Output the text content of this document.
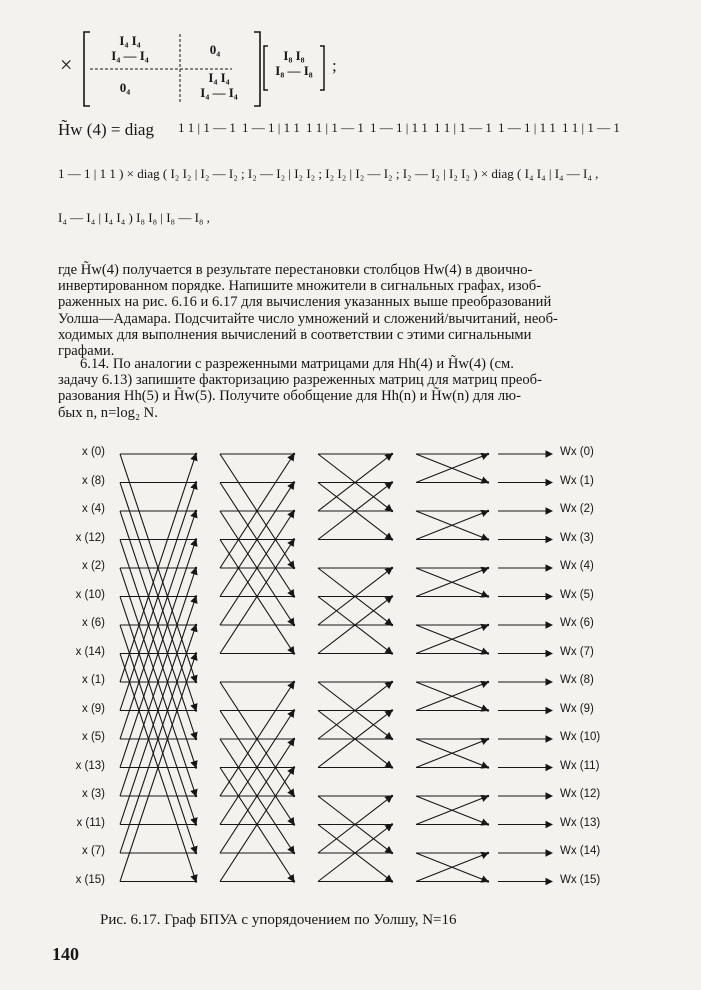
×
I₄ I₄
I₄ — I₄	0₄
0₄
I₄ I₄
I₄ — I₄
I₈ I₈
I₈ — I₈	;
H̃w (4) = diag 1 1 | 1 — 1 1 — 1 | 1 1 1 1 | 1 — 1 1 — 1 | 1 1 1 1 | 1 — 1 1 — 1 | 1 1 1 1 | 1 — 1
1 — 1 | 1 1 ) × diag ( I₂ I₂ | I₂ — I₂ ; I₂ — I₂ | I₂ I₂ ; I₂ I₂ | I₂ — I₂ ; I₂ — I₂ | I₂ I₂ ) × diag ( I₄ I₄ | I₄ — I₄ ,
I₄ — I₄ | I₄ I₄ ) I₈ I₈ | I₈ — I₈ ,
где H̃w(4) получается в результате перестановки столбцов Hw(4) в двоично-
инвертированном порядке. Напишите множители в сигнальных графах, изоб-
раженных на рис. 6.16 и 6.17 для вычисления указанных выше преобразований
Уолша—Адамара. Подсчитайте число умножений и сложений/вычитаний, необ-
ходимых для выполнения вычислений в соответствии с этими сигнальными
графами.
6.14. По аналогии с разреженными матрицами для Hh(4) и H̃w(4) (см.
задачу 6.13) запишите факторизацию разреженных матриц для матриц преоб-
разования Hh(5) и H̃w(5). Получите обобщение для Hh(n) и H̃w(n) для лю-
бых n, n=log₂ N.
x (0)
x (8)
x (4)
x (12)
x (2)
x (10)
x (6)
x (14)
x (1)
x (9)
x (5)
x (13)
x (3)
x (11)
x (7)
x (15)
Wx (0)
Wx (1)
Wx (2)
Wx (3)
Wx (4)
Wx (5)
Wx (6)
Wx (7)
Wx (8)
Wx (9)
Wx (10)
Wx (11)
Wx (12)
Wx (13)
Wx (14)
Wx (15)
Рис. 6.17. Граф БПУА с упорядочением по Уолшу, N=16
140
